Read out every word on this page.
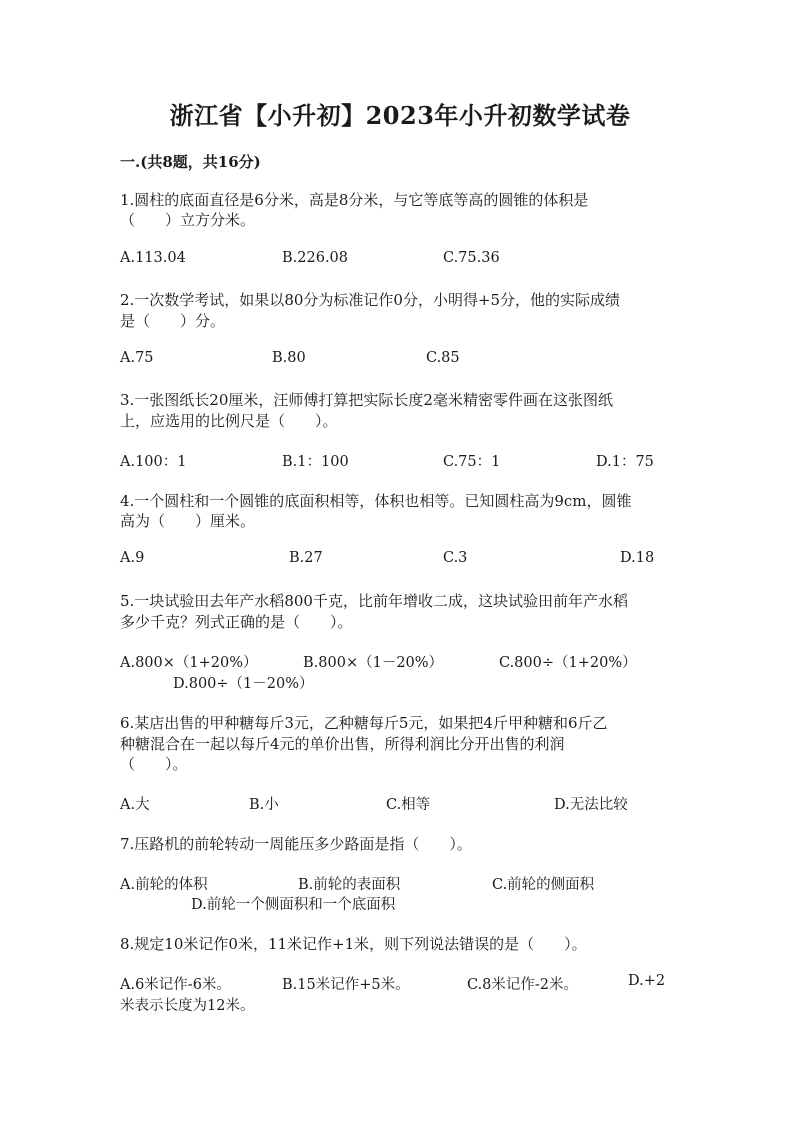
浙江省【小升初】2023年小升初数学试卷
一.(共8题，共16分)
1.圆柱的底面直径是6分米，高是8分米，与它等底等高的圆锥的体积是
（　　）立方分米。
A.113.04	B.226.08	C.75.36
2.一次数学考试，如果以80分为标准记作0分，小明得+5分，他的实际成绩
是（　　）分。
A.75	B.80	C.85
3.一张图纸长20厘米，汪师傅打算把实际长度2毫米精密零件画在这张图纸
上，应选用的比例尺是（　　）。
A.100：1	B.1：100	C.75：1	D.1：75
4.一个圆柱和一个圆锥的底面积相等，体积也相等。已知圆柱高为9cm，圆锥
高为（　　）厘米。
A.9	B.27	C.3	D.18
5.一块试验田去年产水稻800千克，比前年增收二成，这块试验田前年产水稻
多少千克？列式正确的是（　　）。
A.800×（1+20%）	B.800×（1－20%）	C.800÷（1+20%）
D.800÷（1－20%）
6.某店出售的甲种糖每斤3元，乙种糖每斤5元，如果把4斤甲种糖和6斤乙
种糖混合在一起以每斤4元的单价出售，所得利润比分开出售的利润
（　　）。
A.大	B.小	C.相等	D.无法比较
7.压路机的前轮转动一周能压多少路面是指（　　）。
A.前轮的体积	B.前轮的表面积	C.前轮的侧面积
D.前轮一个侧面积和一个底面积
8.规定10米记作0米，11米记作+1米，则下列说法错误的是（　　）。
A.6米记作-6米。	B.15米记作+5米。	C.8米记作-2米。	D.+2
米表示长度为12米。
